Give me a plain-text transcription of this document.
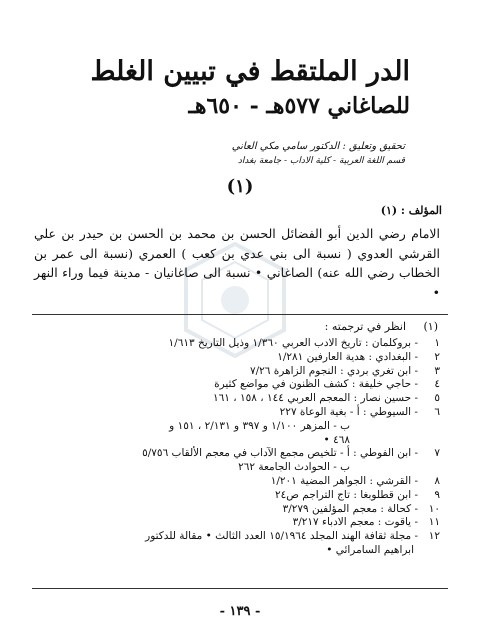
الدر الملتقط في تبيين الغلط
للصاغاني ٥٧٧هـ - ٦٥٠هـ
تحقيق وتعليق : الدكتور سامي مكي العاني
قسم اللغة العربية - كلية الاداب - جامعة بغداد
(١)
المؤلف : (١)
الامام رضي الدين أبو الفضائل الحسن بن محمد بن الحسن بن حيدر بن علي القرشي العدوي ( نسبة الى بني عدي بن كعب ) العمري (نسبة الى عمر بن الخطاب رضي الله عنه) الصاغاني • نسبة الى صاغانيان - مدينة فيما وراء النهر •
(١)     انظر في ترجمته :
١- بروكلمان : تاريخ الادب العربي ١/٣٦٠ وذيل التاريخ ١/٦١٣
٢- البغدادي : هدية العارفين ١/٢٨١
٣- ابن تغري بردي : النجوم الزاهرة ٧/٢٦
٤- حاجي خليفة : كشف الظنون في مواضع كثيرة
٥- حسين نصار : المعجم العربي ١٤٤ ، ١٥٨ ، ١٦١
٦- السيوطي : أ - بغية الوعاة ٢٢٧
ب - المزهر ١/١٠٠ و ٣٩٧ و ٢/١٣١ ، ١٥١ و
٤٦٨ •
٧- ابن الفوطي : أ - تلخيص مجمع الآداب في معجم الألقاب ٥/٧٥٦
ب - الحوادث الجامعة ٢٦٢
٨- القرشي : الجواهر المضية ١/٢٠١
٩- ابن قطلوبغا : تاج التراجم ص٢٤
١٠- كحالة : معجم المؤلفين ٣/٢٧٩
١١- ياقوت : معجم الادباء ٣/٢١٧
١٢- مجلة ثقافة الهند المجلد ١٥/١٩٦٤ العدد الثالث • مقالة للدكتور
ابراهيم السامرائي •
- ١٣٩ -
